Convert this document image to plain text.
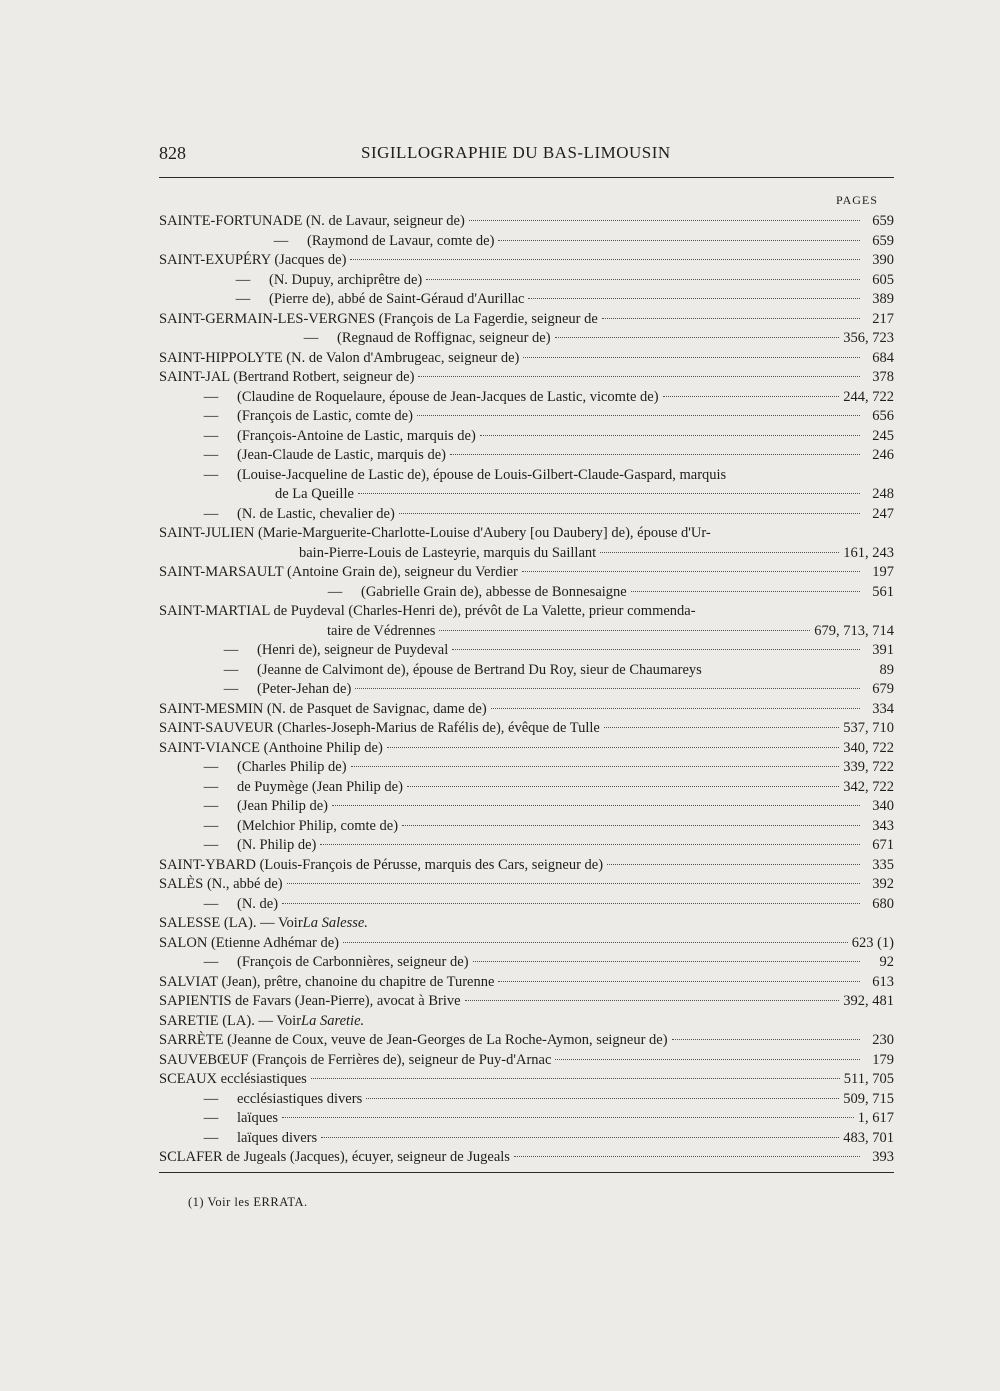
828	SIGILLOGRAPHIE DU BAS-LIMOUSIN
PAGES
SAINTE-FORTUNADE (N. de Lavaur, seigneur de)	659
—	(Raymond de Lavaur, comte de)	659
SAINT-EXUPÉRY (Jacques de)	390
—	(N. Dupuy, archiprêtre de)	605
—	(Pierre de), abbé de Saint-Géraud d'Aurillac	389
SAINT-GERMAIN-LES-VERGNES (François de La Fagerdie, seigneur de	217
—	(Regnaud de Roffignac, seigneur de)	356, 723
SAINT-HIPPOLYTE (N. de Valon d'Ambrugeac, seigneur de)	684
SAINT-JAL (Bertrand Rotbert, seigneur de)	378
—	(Claudine de Roquelaure, épouse de Jean-Jacques de Lastic, vicomte de)	244, 722
—	(François de Lastic, comte de)	656
—	(François-Antoine de Lastic, marquis de)	245
—	(Jean-Claude de Lastic, marquis de)	246
—	(Louise-Jacqueline de Lastic de), épouse de Louis-Gilbert-Claude-Gaspard, marquis
de La Queille	248
—	(N. de Lastic, chevalier de)	247
SAINT-JULIEN (Marie-Marguerite-Charlotte-Louise d'Aubery [ou Daubery] de), épouse d'Ur-
bain-Pierre-Louis de Lasteyrie, marquis du Saillant	161, 243
SAINT-MARSAULT (Antoine Grain de), seigneur du Verdier	197
—	(Gabrielle Grain de), abbesse de Bonnesaigne	561
SAINT-MARTIAL de Puydeval (Charles-Henri de), prévôt de La Valette, prieur commenda-
taire de Védrennes	679, 713, 714
—	(Henri de), seigneur de Puydeval	391
—	(Jeanne de Calvimont de), épouse de Bertrand Du Roy, sieur de Chaumareys	89
—	(Peter-Jehan de)	679
SAINT-MESMIN (N. de Pasquet de Savignac, dame de)	334
SAINT-SAUVEUR (Charles-Joseph-Marius de Rafélis de), évêque de Tulle	537, 710
SAINT-VIANCE (Anthoine Philip de)	340, 722
—	(Charles Philip de)	339, 722
—	de Puymège (Jean Philip de)	342, 722
—	(Jean Philip de)	340
—	(Melchior Philip, comte de)	343
—	(N. Philip de)	671
SAINT-YBARD (Louis-François de Pérusse, marquis des Cars, seigneur de)	335
SALÈS (N., abbé de)	392
—	(N. de)	680
SALESSE (LA). — Voir La Salesse.
SALON (Etienne Adhémar de)	623 (1)
—	(François de Carbonnières, seigneur de)	92
SALVIAT (Jean), prêtre, chanoine du chapitre de Turenne	613
SAPIENTIS de Favars (Jean-Pierre), avocat à Brive	392, 481
SARETIE (LA). — Voir La Saretie.
SARRÈTE (Jeanne de Coux, veuve de Jean-Georges de La Roche-Aymon, seigneur de)	230
SAUVEBŒUF (François de Ferrières de), seigneur de Puy-d'Arnac	179
SCEAUX ecclésiastiques	511, 705
—	ecclésiastiques divers	509, 715
—	laïques	1, 617
—	laïques divers	483, 701
SCLAFER de Jugeals (Jacques), écuyer, seigneur de Jugeals	393
(1) Voir les ERRATA.
